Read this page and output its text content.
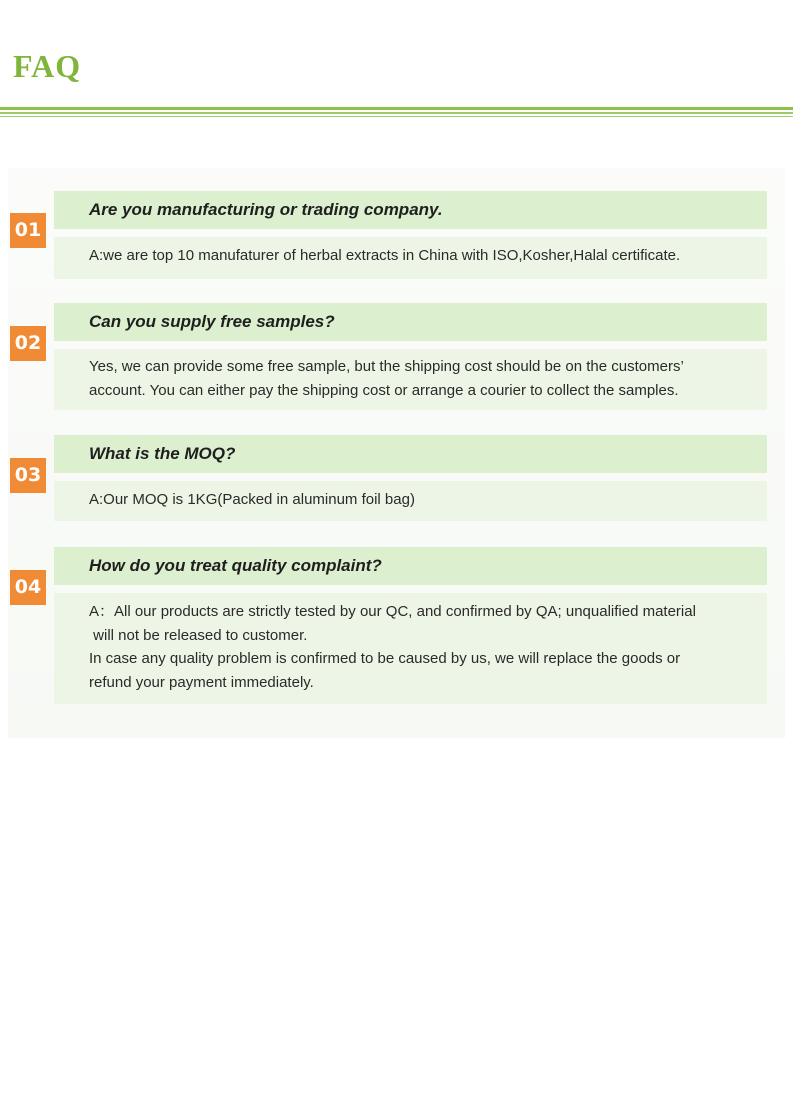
FAQ
01
Are you manufacturing or trading company.
A:we are top 10 manufaturer of herbal extracts in China with ISO,Kosher,Halal certificate.
02
Can you supply free samples?
Yes, we can provide some free sample, but the shipping cost should be on the customers’
account. You can either pay the shipping cost or arrange a courier to collect the samples.
03
What is the MOQ?
A:Our MOQ is 1KG(Packed in aluminum foil bag)
04
How do you treat quality complaint?
A：All our products are strictly tested by our QC, and confirmed by QA; unqualified material
will not be released to customer.
In case any quality problem is confirmed to be caused by us, we will replace the goods or
refund your payment immediately.
